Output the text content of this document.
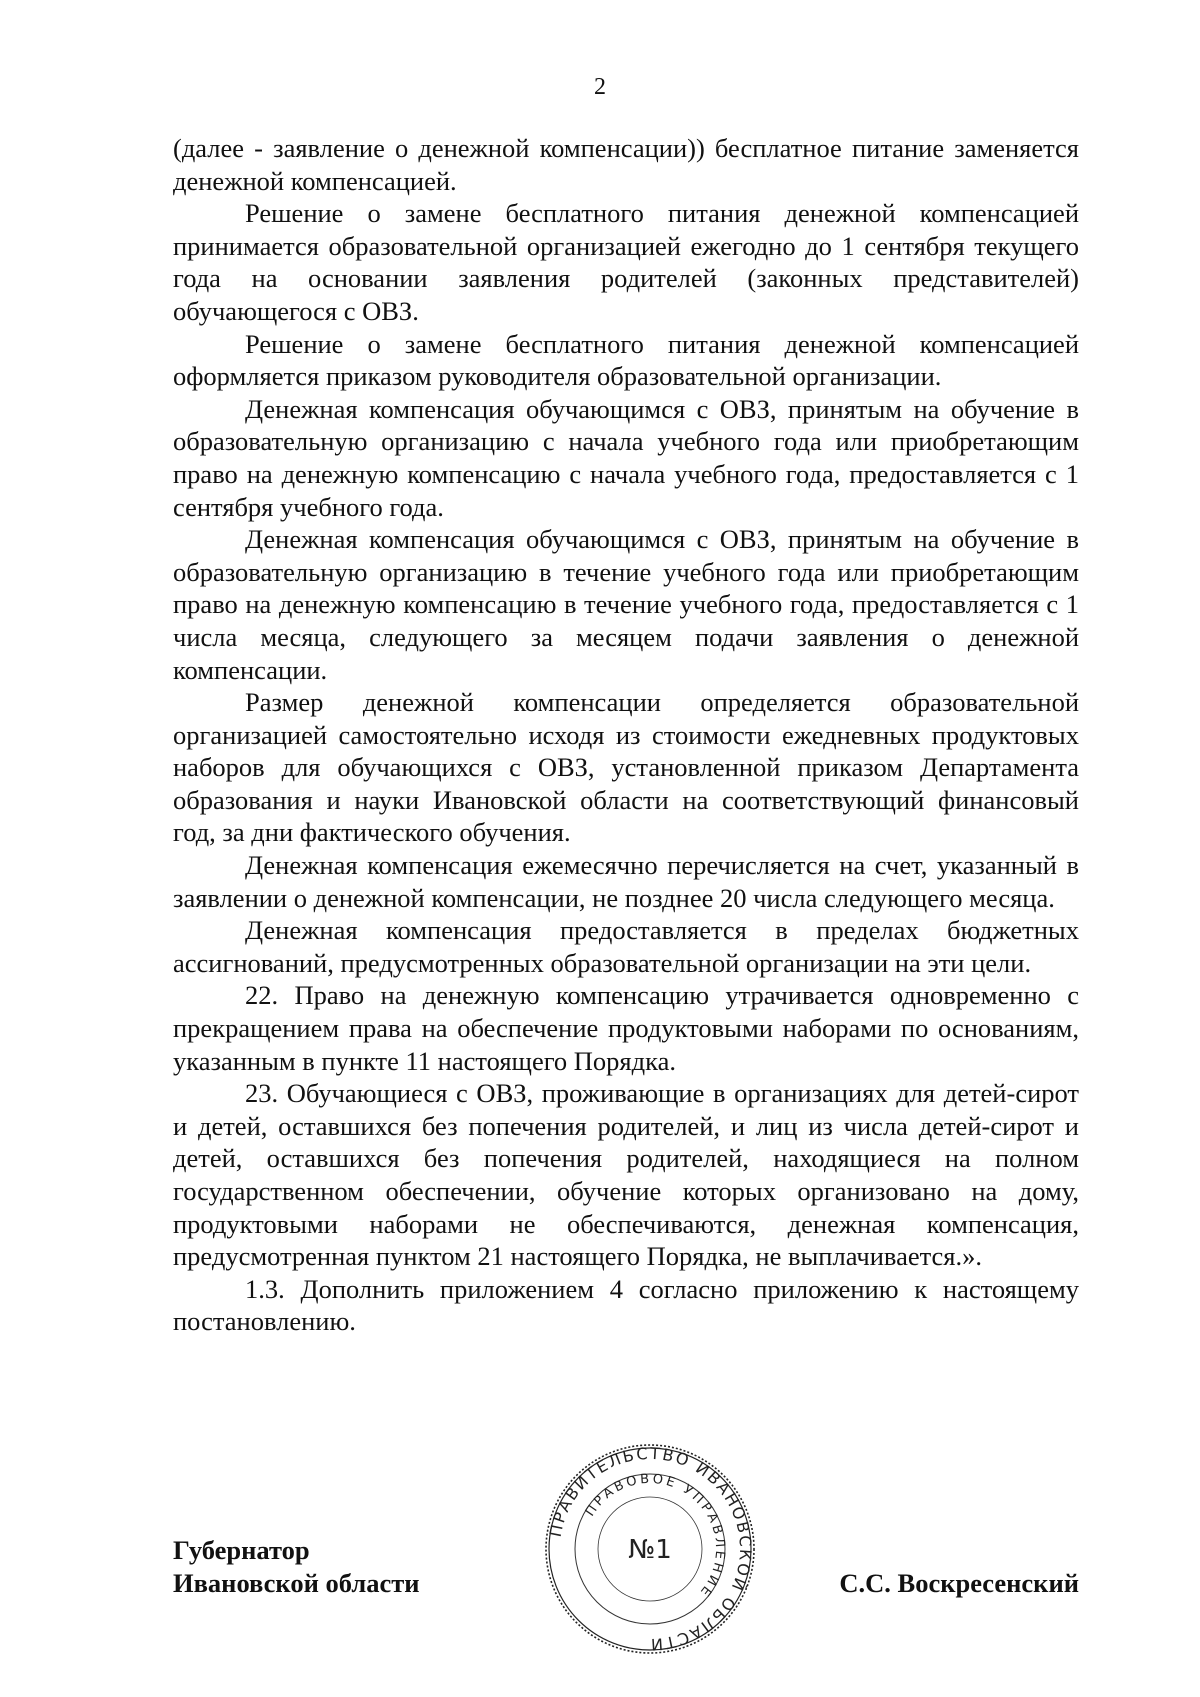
2

(далее - заявление о денежной компенсации)) бесплатное питание заменяется денежной компенсацией.

Решение о замене бесплатного питания денежной компенсацией принимается образовательной организацией ежегодно до 1 сентября текущего года на основании заявления родителей (законных представителей) обучающегося с ОВЗ.

Решение о замене бесплатного питания денежной компенсацией оформляется приказом руководителя образовательной организации.

Денежная компенсация обучающимся с ОВЗ, принятым на обучение в образовательную организацию с начала учебного года или приобретающим право на денежную компенсацию с начала учебного года, предоставляется с 1 сентября учебного года.

Денежная компенсация обучающимся с ОВЗ, принятым на обучение в образовательную организацию в течение учебного года или приобретающим право на денежную компенсацию в течение учебного года, предоставляется с 1 числа месяца, следующего за месяцем подачи заявления о денежной компенсации.

Размер денежной компенсации определяется образовательной организацией самостоятельно исходя из стоимости ежедневных продуктовых наборов для обучающихся с ОВЗ, установленной приказом Департамента образования и науки Ивановской области на соответствующий финансовый год, за дни фактического обучения.

Денежная компенсация ежемесячно перечисляется на счет, указанный в заявлении о денежной компенсации, не позднее 20 числа следующего месяца.

Денежная компенсация предоставляется в пределах бюджетных ассигнований, предусмотренных образовательной организации на эти цели.

22. Право на денежную компенсацию утрачивается одновременно с прекращением права на обеспечение продуктовыми наборами по основаниям, указанным в пункте 11 настоящего Порядка.

23. Обучающиеся с ОВЗ, проживающие в организациях для детей-сирот и детей, оставшихся без попечения родителей, и лиц из числа детей-сирот и детей, оставшихся без попечения родителей, находящиеся на полном государственном обеспечении, обучение которых организовано на дому, продуктовыми наборами не обеспечиваются, денежная компенсация, предусмотренная пунктом 21 настоящего Порядка, не выплачивается.».

1.3. Дополнить приложением 4 согласно приложению к настоящему постановлению.

Губернатор
Ивановской области
ПРАВИТЕЛЬСТВО ИВАНОВСКОЙ ОБЛАСТИ
ПРАВОВОЕ УПРАВЛЕНИЕ
№1
С.С. Воскресенский
